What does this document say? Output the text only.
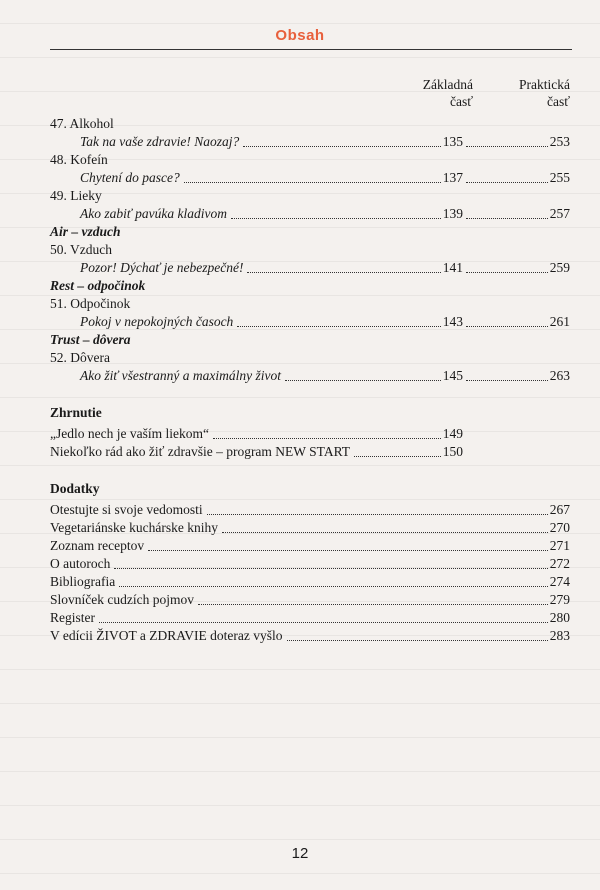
Obsah
Základná
časť
Praktická
časť
47. Alkohol
Tak na vaše zdravie! Naozaj?	135	253
48. Kofeín
Chytení do pasce?	137	255
49. Lieky
Ako zabiť pavúka kladivom	139	257
Air – vzduch
50. Vzduch
Pozor! Dýchať je nebezpečné!	141	259
Rest – odpočinok
51. Odpočinok
Pokoj v nepokojných časoch	143	261
Trust – dôvera
52. Dôvera
Ako žiť všestranný a maximálny život	145	263
Zhrnutie
„Jedlo nech je vaším liekom“	149
Niekoľko rád ako žiť zdravšie – program NEW START	150
Dodatky
Otestujte si svoje vedomosti	267
Vegetariánske kuchárske knihy	270
Zoznam receptov	271
O autoroch	272
Bibliografia	274
Slovníček cudzích pojmov	279
Register	280
V edícii ŽIVOT a ZDRAVIE doteraz vyšlo	283
12
